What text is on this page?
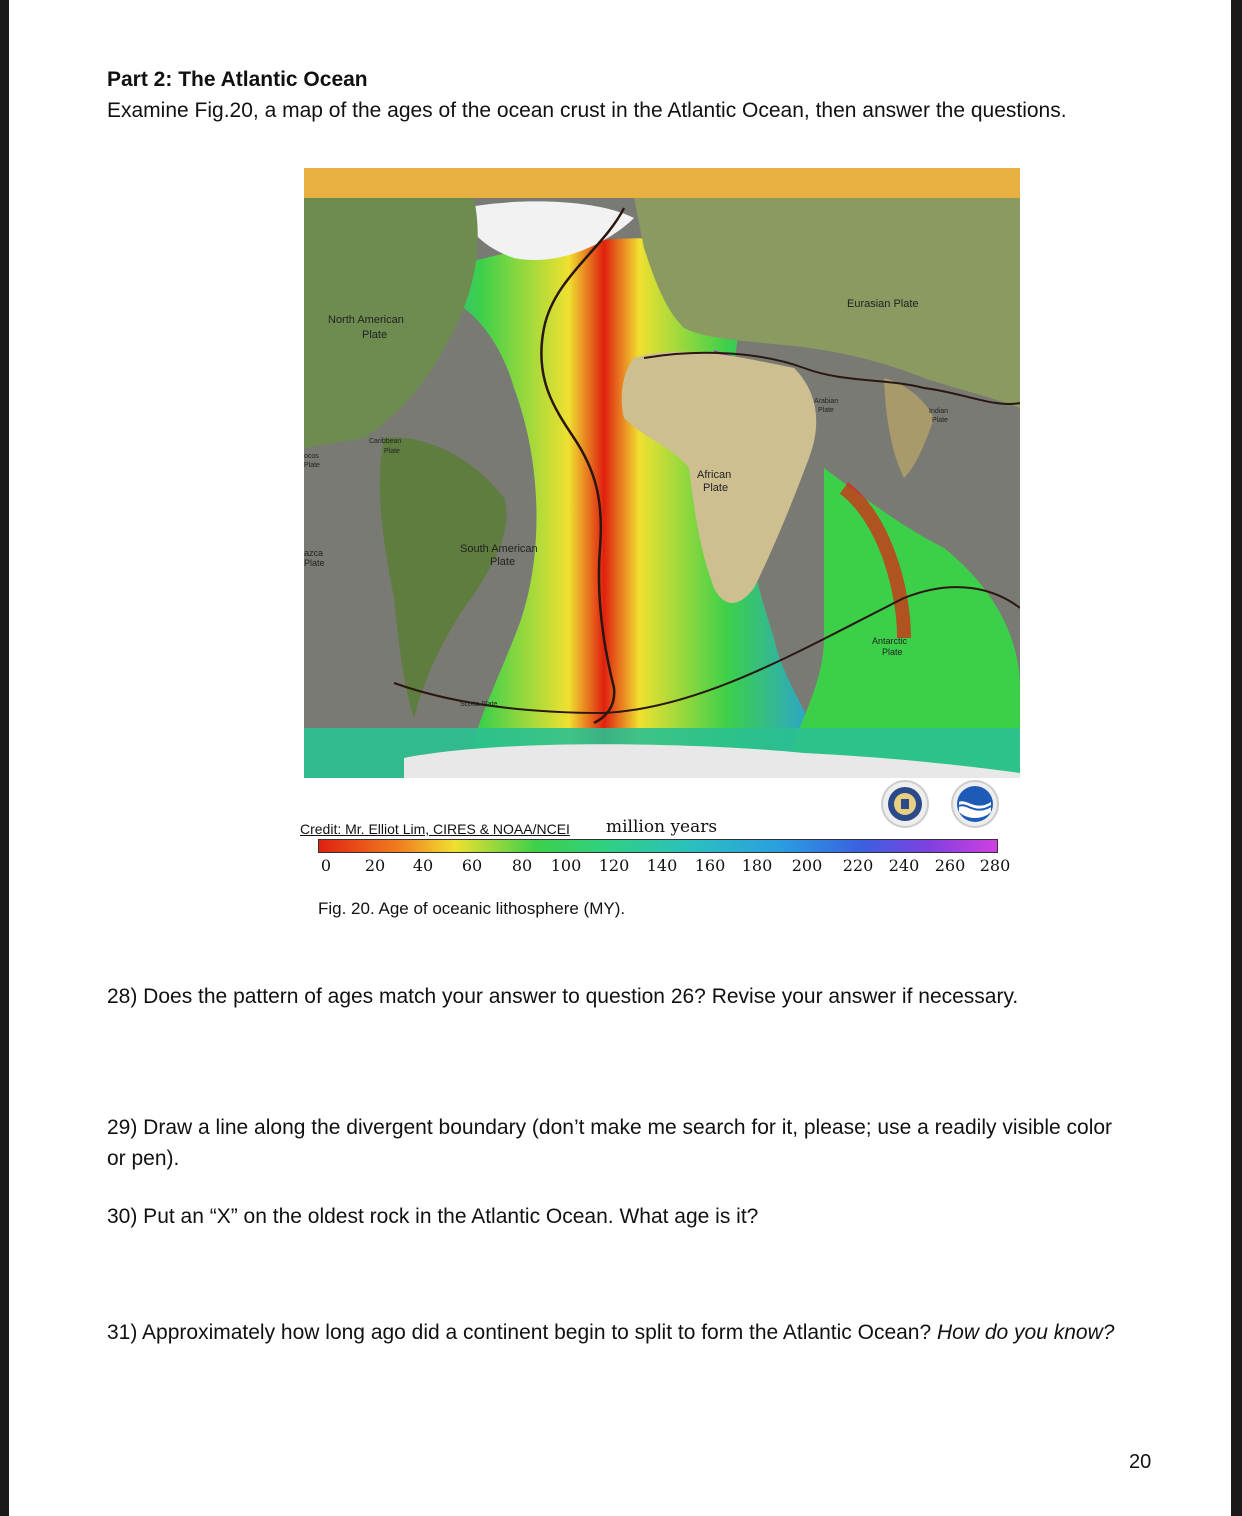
Part 2: The Atlantic Ocean
Examine Fig.20, a map of the ages of the ocean crust in the Atlantic Ocean, then answer the questions.
North American
Plate
Eurasian Plate
Caribbean
Plate
ocos
Plate
azca
Plate
Arabian
Plate	Indian
Plate
African
Plate
South American
Plate
Antarctic
Plate
Scotia Plate
Credit: Mr. Elliot Lim, CIRES & NOAA/NCEI million years
0 20 40 60 80 100 120 140 160 180 200 220 240 260 280
Fig. 20. Age of oceanic lithosphere (MY).
28) Does the pattern of ages match your answer to question 26? Revise your answer if necessary.
29) Draw a line along the divergent boundary (don’t make me search for it, please; use a readily visible color or pen).
30) Put an “X” on the oldest rock in the Atlantic Ocean. What age is it?
31) Approximately how long ago did a continent begin to split to form the Atlantic Ocean? How do you know?
20
